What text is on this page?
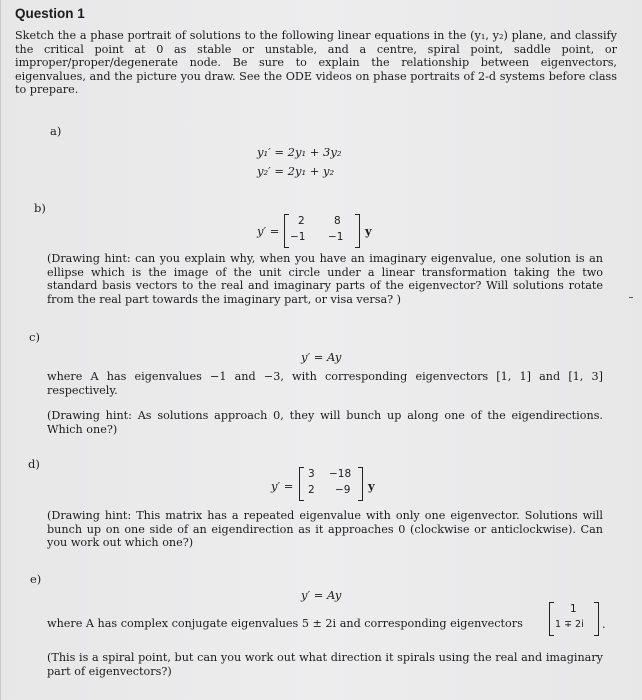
Question 1
Sketch the a phase portrait of solutions to the following linear equations in the (y₁, y₂) plane, and classify the critical point at 0 as stable or unstable, and a centre, spiral point, saddle point, or improper/proper/degenerate node. Be sure to explain the relationship between eigenvectors, eigenvalues, and the picture you draw. See the ODE videos on phase portraits of 2-d systems before class to prepare.
a)
y₁′ = 2y₁ + 3y₂
y₂′ = 2y₁ + y₂
b)
y′ =
2	8
−1 −1 y
(Drawing hint: can you explain why, when you have an imaginary eigenvalue, one solution is an ellipse which is the image of the unit circle under a linear transformation taking the two standard basis vectors to the real and imaginary parts of the eigenvector? Will solutions rotate from the real part towards the imaginary part, or visa versa? )
c)
y′ = Ay
where A has eigenvalues −1 and −3, with corresponding eigenvectors [1, 1] and [1, 3] respectively.
(Drawing hint: As solutions approach 0, they will bunch up along one of the eigendirections. Which one?)
d)
y′ =
3 −18
2 −9 y
(Drawing hint: This matrix has a repeated eigenvalue with only one eigenvector. Solutions will bunch up on one side of an eigendirection as it approaches 0 (clockwise or anticlockwise). Can you work out which one?)
e)
y′ = Ay
where A has complex conjugate eigenvalues 5 ± 2i and corresponding eigenvectors
1
1 ∓ 2i .
(This is a spiral point, but can you work out what direction it spirals using the real and imaginary part of eigenvectors?)
